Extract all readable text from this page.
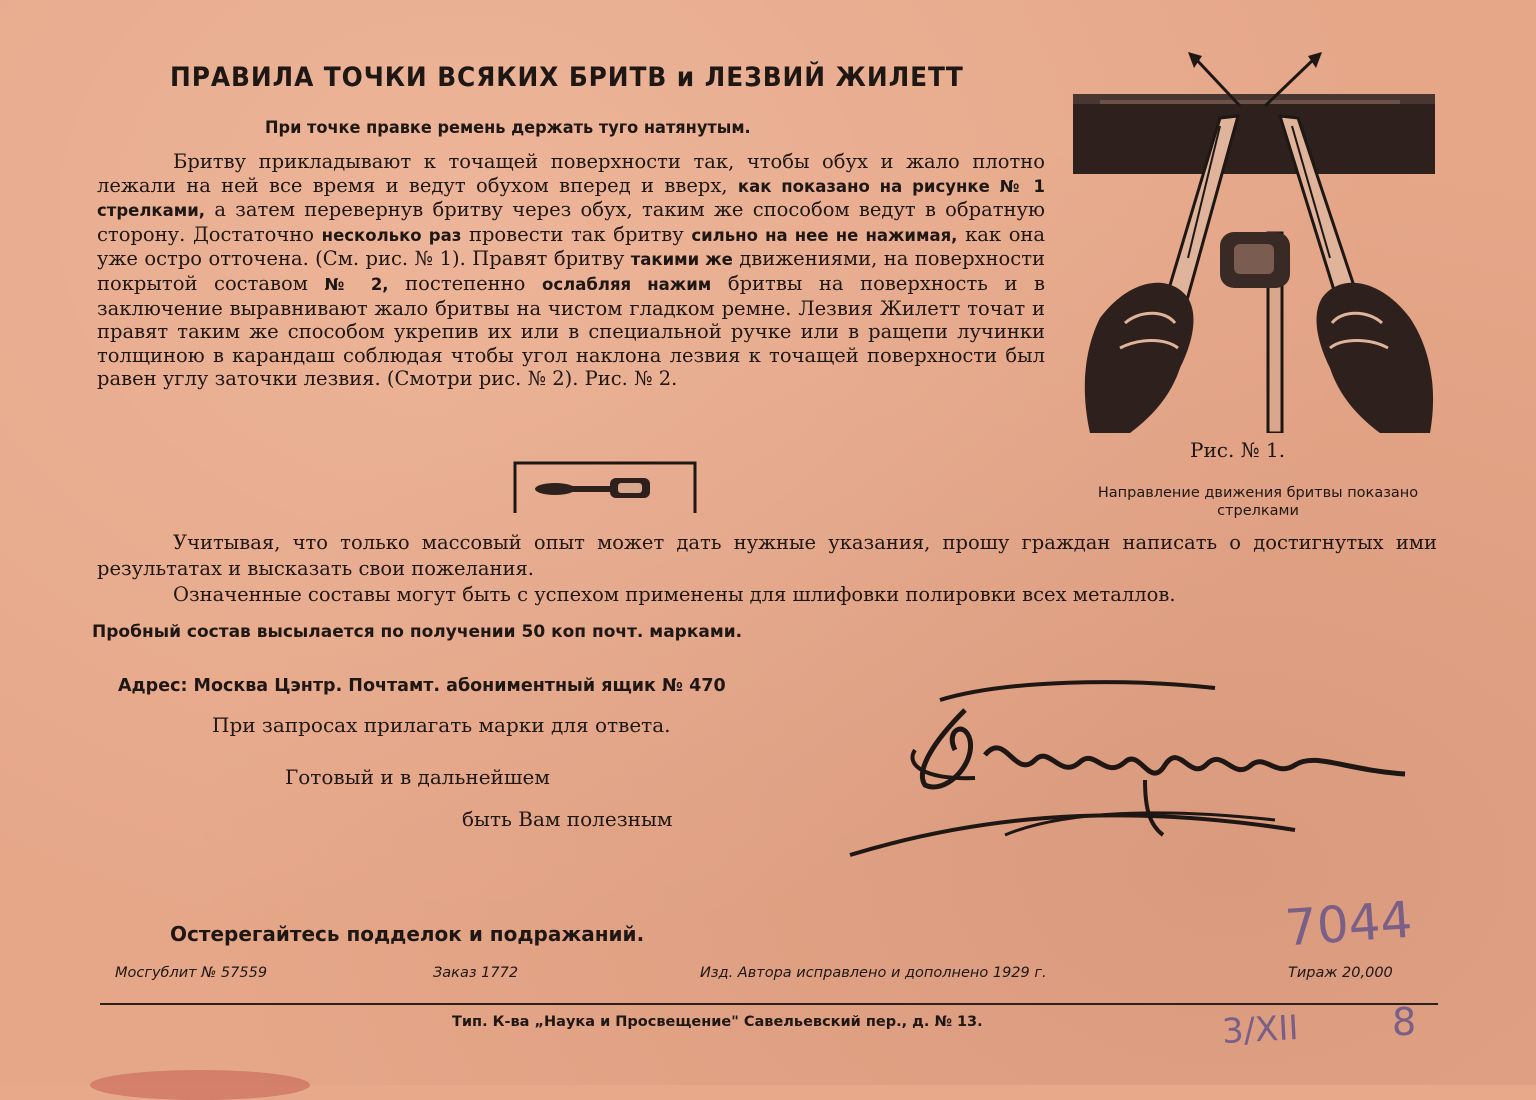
ПРАВИЛА ТОЧКИ ВСЯКИХ БРИТВ и ЛЕЗВИЙ ЖИЛЕТТ
При точке правке ремень держать туго натянутым.
Бритву прикладывают к точащей поверхности так, чтобы обух и жало плотно лежали на ней все время и ведут обухом вперед и вверх, как показано на рисунке № 1 стрелками, а затем перевернув бритву через обух, таким же способом ведут в обратную сторону. Достаточно несколько раз провести так бритву сильно на нее не нажимая, как она уже остро отточена. (См. рис. № 1). Правят бритву такими же движениями, на поверхности покрытой составом № 2, постепенно ослабляя нажим бритвы на поверхность и в заключение выравнивают жало бритвы на чистом гладком ремне. Лезвия Жилетт точат и правят таким же способом укрепив их или в специальной ручке или в ращепи лучинки толщиною в карандаш соблюдая чтобы угол наклона лезвия к точащей поверхности был равен углу заточки лезвия. (Смотри рис. № 2). Рис. № 2.
Рис. № 1.
Направление движения бритвы показано стрелками
Учитывая, что только массовый опыт может дать нужные указания, прошу граждан написать о достигнутых ими результатах и высказать свои пожелания.
Означенные составы могут быть с успехом применены для шлифовки полировки всех металлов.
Пробный состав высылается по получении 50 коп почт. марками.
Адрес: Москва Цэнтр. Почтамт. абониментный ящик № 470
При запросах прилагать марки для ответа.
Готовый и в дальнейшем
быть Вам полезным
Остерегайтесь подделок и подражаний.
Мосгублит № 57559	Заказ 1772	Изд. Автора исправлено и дополнено 1929 г.	Тираж 20,000
Тип. К-ва „Наука и Просвещение" Савельевский пер., д. № 13.
7044
3/XII 8
